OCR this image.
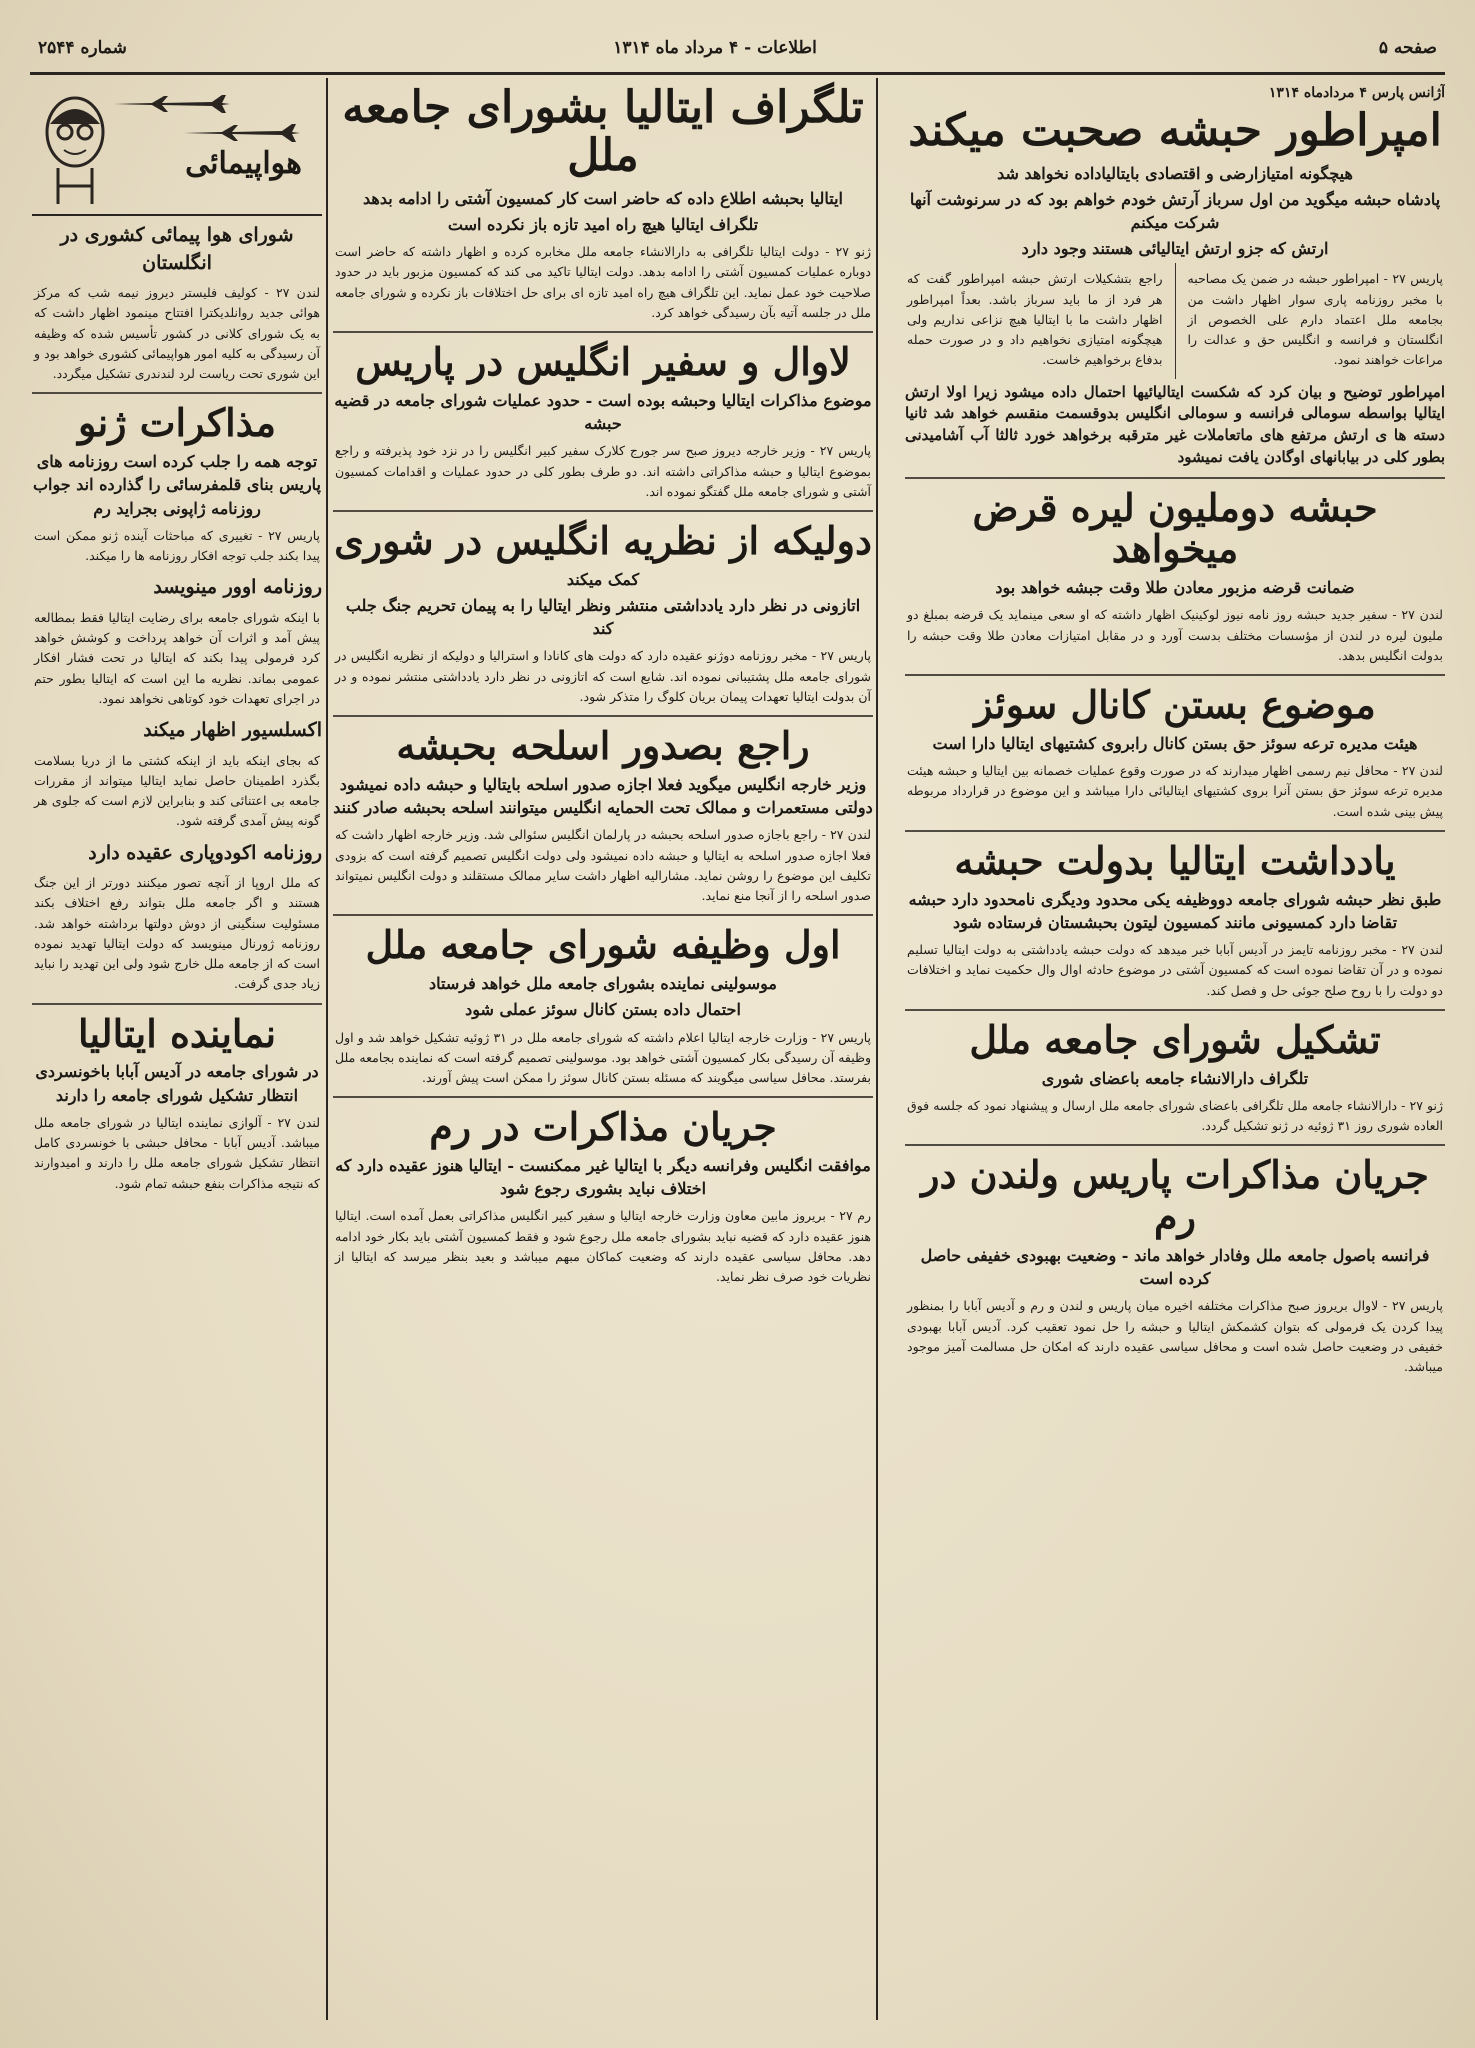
صفحه ۵
اطلاعات - ۴ مرداد ماه ۱۳۱۴
شماره ۲۵۴۴
آژانس پارس ۴ مردادماه ۱۳۱۴
امپراطور حبشه صحبت میکند
هیچگونه امتیازارضی و اقتصادی بایتالیاداده نخواهد شد
پادشاه حبشه میگوید من اول سرباز آرتش خودم خواهم بود که در سرنوشت آنها شرکت میکنم
ارتش که جزو ارتش ایتالیائی هستند وجود دارد
پاریس ۲۷ - امپراطور حبشه در ضمن یک مصاحبه با مخبر روزنامه پاری سوار اظهار داشت من بجامعه ملل اعتماد دارم علی الخصوص از انگلستان و فرانسه و انگلیس حق و عدالت را مراعات خواهند نمود.
راجع بتشکیلات ارتش حبشه امپراطور گفت که هر فرد از ما باید سرباز باشد. بعداً امپراطور اظهار داشت ما با ایتالیا هیچ نزاعی نداریم ولی هیچگونه امتیازی نخواهیم داد و در صورت حمله بدفاع برخواهیم خاست.
امپراطور توضیح و بیان کرد که شکست ایتالیائیها احتمال داده میشود زیرا اولا ارتش ایتالیا بواسطه سومالی فرانسه و سومالی انگلیس بدوقسمت منقسم خواهد شد ثانیا دسته ها ی ارتش مرتفع های ماتعاملات غیر مترقبه برخواهد خورد ثالثا آب آشامیدنی بطور کلی در بیابانهای اوگادن یافت نمیشود
حبشه دوملیون لیره قرض میخواهد
ضمانت قرضه مزبور معادن طلا وقت جبشه خواهد بود
لندن ۲۷ - سفیر جدید حبشه روز نامه نیوز لوکینیک اظهار داشته که او سعی مینماید یک قرضه بمبلغ دو ملیون لیره در لندن از مؤسسات مختلف بدست آورد و در مقابل امتیازات معادن طلا وقت حبشه را بدولت انگلیس بدهد.
موضوع بستن کانال سوئز
هیئت مدیره ترعه سوئز حق بستن کانال رابروی کشتیهای ایتالیا دارا است
لندن ۲۷ - محافل نیم رسمی اظهار میدارند که در صورت وقوع عملیات خصمانه بین ایتالیا و حبشه هیئت مدیره ترعه سوئز حق بستن آنرا بروی کشتیهای ایتالیائی دارا میباشد و این موضوع در قرارداد مربوطه پیش بینی شده است.
یادداشت ایتالیا بدولت حبشه
طبق نظر حبشه شورای جامعه دووظیفه یکی محدود ودیگری نامحدود دارد حبشه تقاضا دارد کمسیونی مانند کمسیون لیتون بحبشستان فرستاده شود
لندن ۲۷ - مخبر روزنامه تایمز در آدیس آبابا خبر میدهد که دولت حبشه یادداشتی به دولت ایتالیا تسلیم نموده و در آن تقاضا نموده است که کمسیون آشتی در موضوع حادثه اوال وال حکمیت نماید و اختلافات دو دولت را با روح صلح جوئی حل و فصل کند.
تشکیل شورای جامعه ملل
تلگراف دارالانشاء جامعه باعضای شوری
ژنو ۲۷ - دارالانشاء جامعه ملل تلگرافی باعضای شورای جامعه ملل ارسال و پیشنهاد نمود که جلسه فوق العاده شوری روز ۳۱ ژوئیه در ژنو تشکیل گردد.
جریان مذاکرات پاریس ولندن در رم
فرانسه باصول جامعه ملل وفادار خواهد ماند - وضعیت بهبودی خفیفی حاصل کرده است
پاریس ۲۷ - لاوال بریروز صبح مذاکرات مختلفه اخیره میان پاریس و لندن و رم و آدیس آبابا را بمنظور پیدا کردن یک فرمولی که بتوان کشمکش ایتالیا و حبشه را حل نمود تعقیب کرد. آدیس آبابا بهبودی خفیفی در وضعیت حاصل شده است و محافل سیاسی عقیده دارند که امکان حل مسالمت آمیز موجود میباشد.
تلگراف ایتالیا بشورای جامعه ملل
ایتالیا بحبشه اطلاع داده که حاضر است کار کمسیون آشتی را ادامه بدهد
تلگراف ایتالیا هیچ راه امید تازه باز نکرده است
ژنو ۲۷ - دولت ایتالیا تلگرافی به دارالانشاء جامعه ملل مخابره کرده و اظهار داشته که حاضر است دوباره عملیات کمسیون آشتی را ادامه بدهد. دولت ایتالیا تاکید می کند که کمسیون مزبور باید در حدود صلاحیت خود عمل نماید. این تلگراف هیچ راه امید تازه ای برای حل اختلافات باز نکرده و شورای جامعه ملل در جلسه آتیه بآن رسیدگی خواهد کرد.
لاوال و سفیر انگلیس در پاریس
موضوع مذاکرات ایتالیا وحبشه بوده است - حدود عملیات شورای جامعه در قضیه حبشه
پاریس ۲۷ - وزیر خارجه دیروز صبح سر جورج کلارک سفیر کبیر انگلیس را در نزد خود پذیرفته و راجع بموضوع ایتالیا و حبشه مذاکراتی داشته اند. دو طرف بطور کلی در حدود عملیات و اقدامات کمسیون آشتی و شورای جامعه ملل گفتگو نموده اند.
دولیکه از نظریه انگلیس در شوری
کمک میکند
اتازونی در نظر دارد یادداشتی منتشر ونظر ایتالیا را به پیمان تحریم جنگ جلب کند
پاریس ۲۷ - مخبر روزنامه دوژنو عقیده دارد که دولت های کانادا و استرالیا و دولیکه از نظریه انگلیس در شورای جامعه ملل پشتیبانی نموده اند. شایع است که اتازونی در نظر دارد یادداشتی منتشر نموده و در آن بدولت ایتالیا تعهدات پیمان بریان کلوگ را متذکر شود.
راجع بصدور اسلحه بحبشه
وزیر خارجه انگلیس میگوید فعلا اجازه صدور اسلحه بایتالیا و حبشه داده نمیشود دولتی مستعمرات و ممالک تحت الحمایه انگلیس میتوانند اسلحه بحبشه صادر کنند
لندن ۲۷ - راجع باجازه صدور اسلحه بحبشه در پارلمان انگلیس سئوالی شد. وزیر خارجه اظهار داشت که فعلا اجازه صدور اسلحه به ایتالیا و حبشه داده نمیشود ولی دولت انگلیس تصمیم گرفته است که بزودی تکلیف این موضوع را روشن نماید. مشارالیه اظهار داشت سایر ممالک مستقلند و دولت انگلیس نمیتواند صدور اسلحه را از آنجا منع نماید.
اول وظیفه شورای جامعه ملل
موسولینی نماینده بشورای جامعه ملل خواهد فرستاد
احتمال داده بستن کانال سوئز عملی شود
پاریس ۲۷ - وزارت خارجه ایتالیا اعلام داشته که شورای جامعه ملل در ۳۱ ژوئیه تشکیل خواهد شد و اول وظیفه آن رسیدگی بکار کمسیون آشتی خواهد بود. موسولینی تصمیم گرفته است که نماینده بجامعه ملل بفرستد. محافل سیاسی میگویند که مسئله بستن کانال سوئز را ممکن است پیش آورند.
جریان مذاکرات در رم
موافقت انگلیس وفرانسه دیگر با ایتالیا غیر ممکنست - ایتالیا هنوز عقیده دارد که اختلاف نباید بشوری رجوع شود
رم ۲۷ - بریروز مابین معاون وزارت خارجه ایتالیا و سفیر کبیر انگلیس مذاکراتی بعمل آمده است. ایتالیا هنوز عقیده دارد که قضیه نباید بشورای جامعه ملل رجوع شود و فقط کمسیون آشتی باید بکار خود ادامه دهد. محافل سیاسی عقیده دارند که وضعیت کماکان مبهم میباشد و بعید بنظر میرسد که ایتالیا از نظریات خود صرف نظر نماید.
هواپیمائی
شورای هوا پیمائی کشوری در انگلستان
لندن ۲۷ - کولیف فلیستر دیروز نیمه شب که مرکز هوائی جدید روانلدیکترا افتتاح مینمود اظهار داشت که به یک شورای کلانی در کشور تأسیس شده که وظیفه آن رسیدگی به کلیه امور هواپیمائی کشوری خواهد بود و این شوری تحت ریاست لرد لندندری تشکیل میگردد.
مذاکرات ژنو
توجه همه را جلب کرده است روزنامه های پاریس بنای قلمفرسائی را گذارده اند جواب روزنامه ژاپونی بجراید رم
پاریس ۲۷ - تغییری که مباحثات آینده ژنو ممکن است پیدا بکند جلب توجه افکار روزنامه ها را میکند.
روزنامه اوور مینویسد
با اینکه شورای جامعه برای رضایت ایتالیا فقط بمطالعه پیش آمد و اثرات آن خواهد پرداخت و کوشش خواهد کرد فرمولی پیدا بکند که ایتالیا در تحت فشار افکار عمومی بماند. نظریه ما این است که ایتالیا بطور حتم در اجرای تعهدات خود کوتاهی نخواهد نمود.
اکسلسیور اظهار میکند
که بجای اینکه باید از اینکه کشتی ما از دریا بسلامت بگذرد اطمینان حاصل نماید ایتالیا میتواند از مقررات جامعه بی اعتنائی کند و بنابراین لازم است که جلوی هر گونه پیش آمدی گرفته شود.
روزنامه اکودوپاری عقیده دارد
که ملل اروپا از آنچه تصور میکنند دورتر از این جنگ هستند و اگر جامعه ملل بتواند رفع اختلاف بکند مسئولیت سنگینی از دوش دولتها برداشته خواهد شد. روزنامه ژورنال مینویسد که دولت ایتالیا تهدید نموده است که از جامعه ملل خارج شود ولی این تهدید را نباید زیاد جدی گرفت.
نماینده ایتالیا
در شورای جامعه در آدیس آبابا باخونسردی انتظار تشکیل شورای جامعه را دارند
لندن ۲۷ - آلوازی نماینده ایتالیا در شورای جامعه ملل میباشد. آدیس آبابا - محافل حبشی با خونسردی کامل انتظار تشکیل شورای جامعه ملل را دارند و امیدوارند که نتیجه مذاکرات بنفع حبشه تمام شود.
